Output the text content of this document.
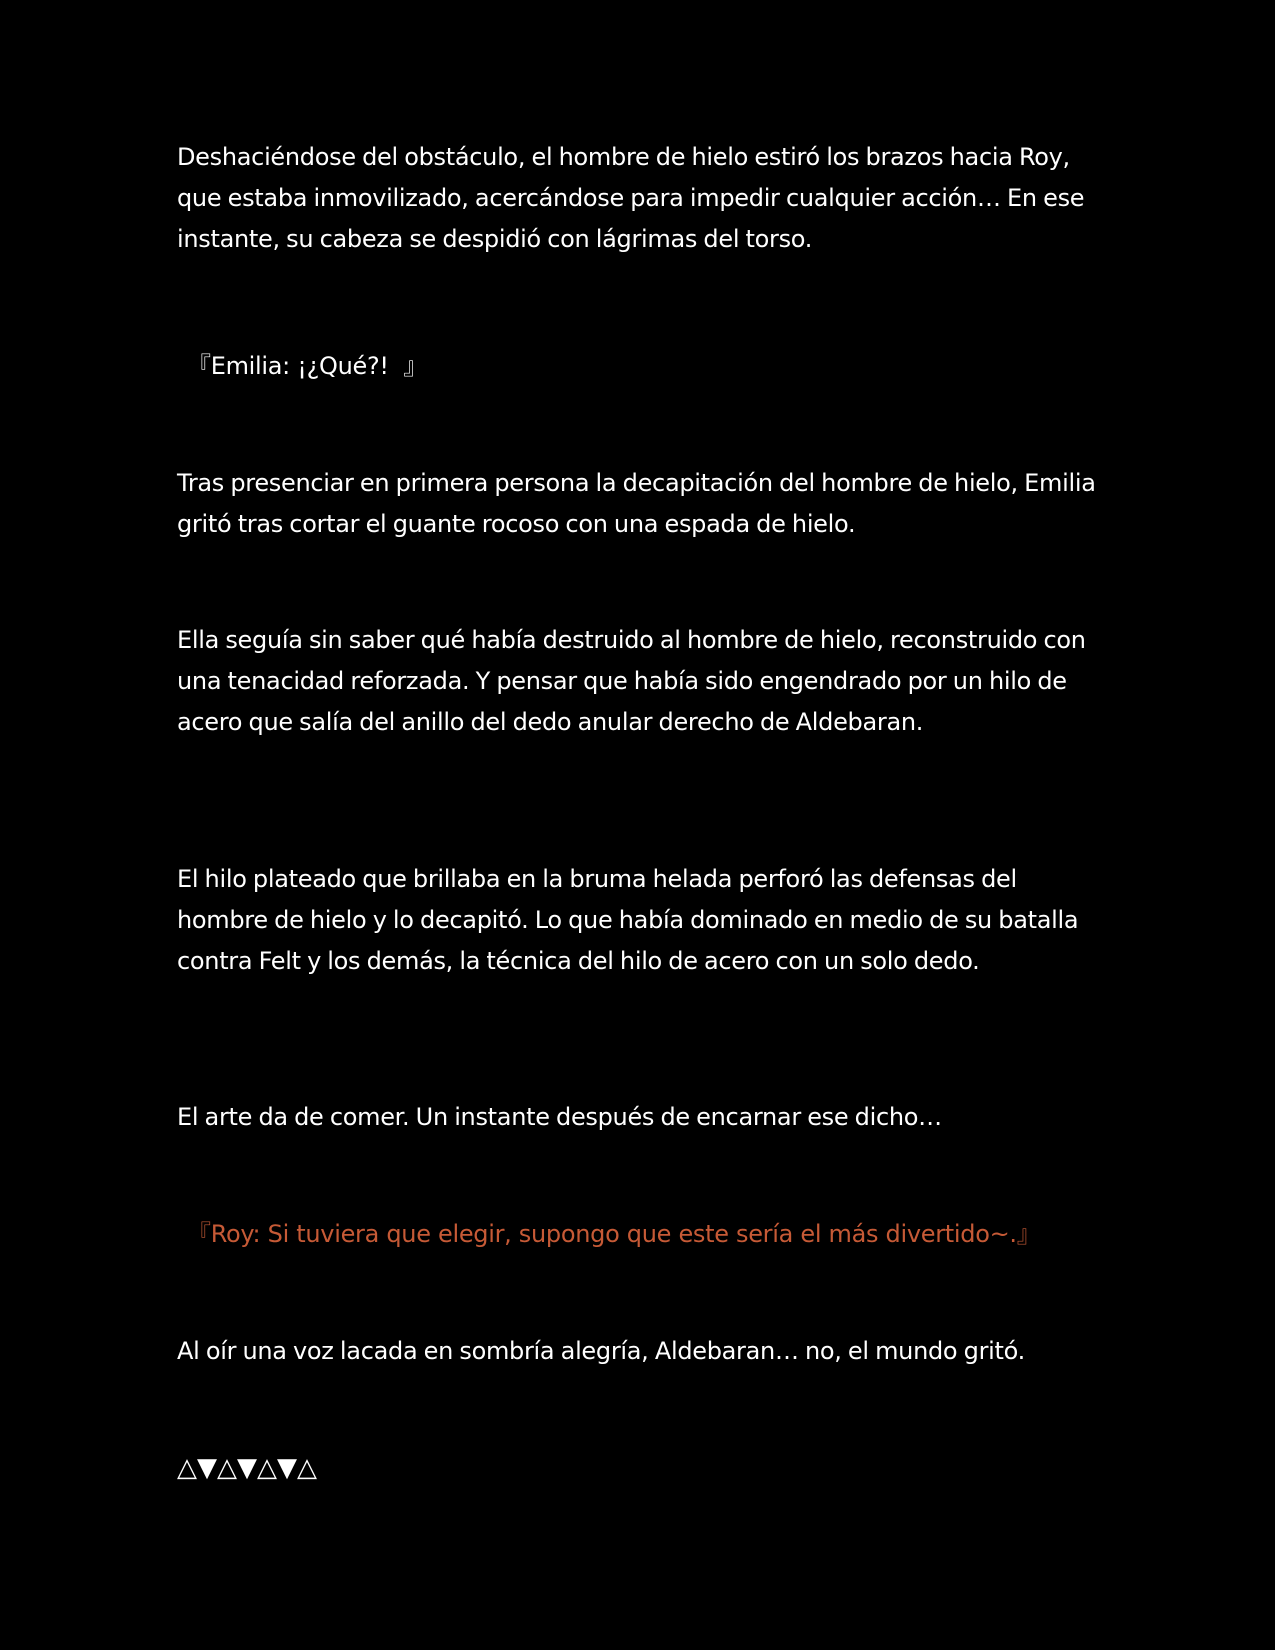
Deshaciéndose del obstáculo, el hombre de hielo estiró los brazos hacia Roy, que estaba inmovilizado, acercándose para impedir cualquier acción… En ese instante, su cabeza se despidió con lágrimas del torso.

『Emilia: ¡¿Qué?!  』

Tras presenciar en primera persona la decapitación del hombre de hielo, Emilia gritó tras cortar el guante rocoso con una espada de hielo.

Ella seguía sin saber qué había destruido al hombre de hielo, reconstruido con una tenacidad reforzada. Y pensar que había sido engendrado por un hilo de acero que salía del anillo del dedo anular derecho de Aldebaran.

El hilo plateado que brillaba en la bruma helada perforó las defensas del hombre de hielo y lo decapitó. Lo que había dominado en medio de su batalla contra Felt y los demás, la técnica del hilo de acero con un solo dedo.

El arte da de comer. Un instante después de encarnar ese dicho…

『Roy: Si tuviera que elegir, supongo que este sería el más divertido~.』

Al oír una voz lacada en sombría alegría, Aldebaran… no, el mundo gritó.

△▼△▼△▼△
